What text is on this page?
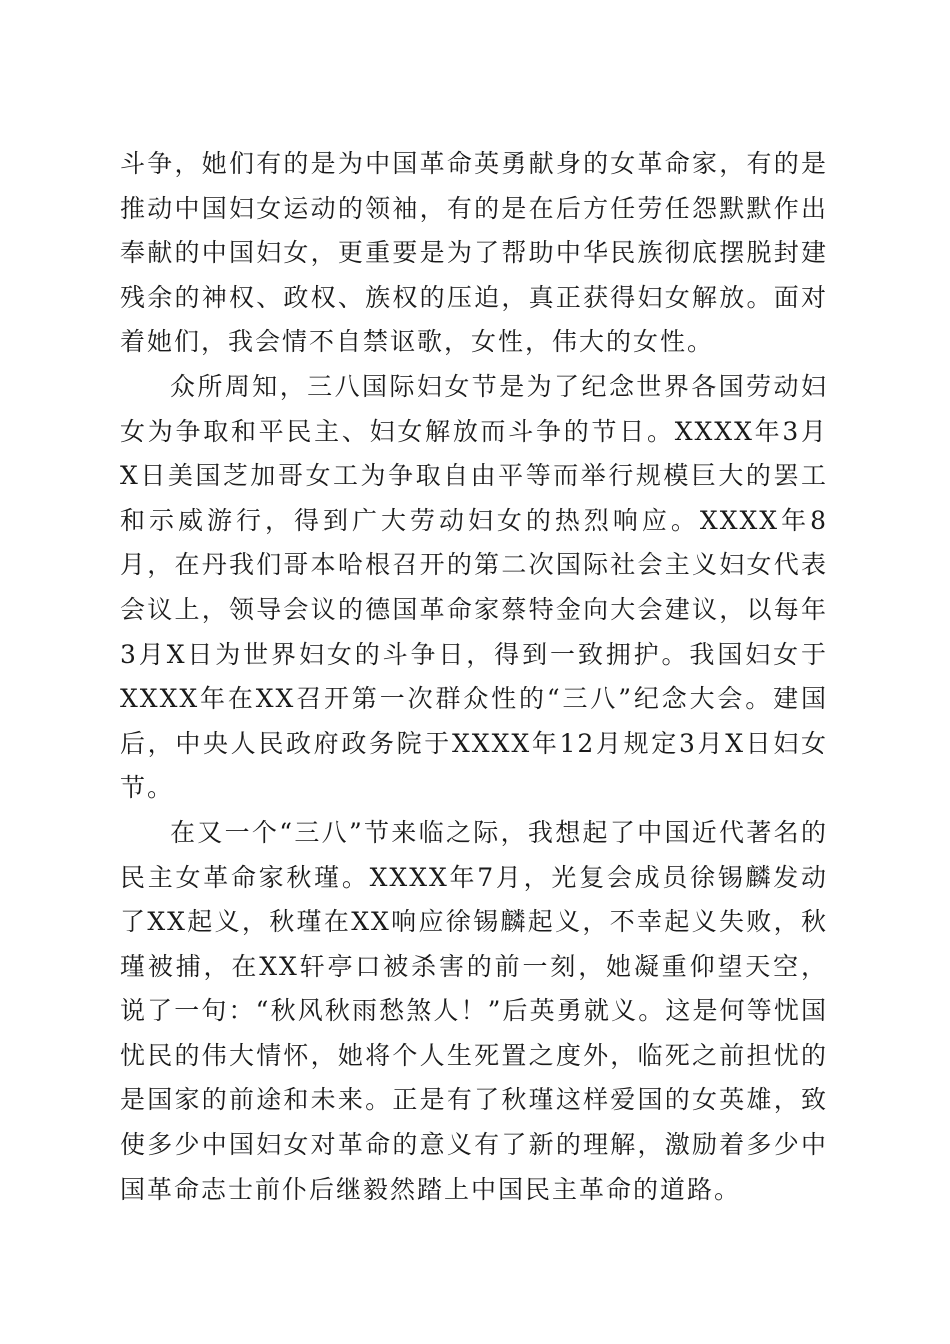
斗争，她们有的是为中国革命英勇献身的女革命家，有的是推动中国妇女运动的领袖，有的是在后方任劳任怨默默作出奉献的中国妇女，更重要是为了帮助中华民族彻底摆脱封建残余的神权、政权、族权的压迫，真正获得妇女解放。面对着她们，我会情不自禁讴歌，女性，伟大的女性。

众所周知，三八国际妇女节是为了纪念世界各国劳动妇女为争取和平民主、妇女解放而斗争的节日。XXXX年3月X日美国芝加哥女工为争取自由平等而举行规模巨大的罢工和示威游行，得到广大劳动妇女的热烈响应。XXXX年8月，在丹我们哥本哈根召开的第二次国际社会主义妇女代表会议上，领导会议的德国革命家蔡特金向大会建议，以每年3月X日为世界妇女的斗争日，得到一致拥护。我国妇女于XXXX年在XX召开第一次群众性的“三八”纪念大会。建国后，中央人民政府政务院于XXXX年12月规定3月X日妇女节。

在又一个“三八”节来临之际，我想起了中国近代著名的民主女革命家秋瑾。XXXX年7月，光复会成员徐锡麟发动了XX起义，秋瑾在XX响应徐锡麟起义，不幸起义失败，秋瑾被捕，在XX轩亭口被杀害的前一刻，她凝重仰望天空，说了一句：“秋风秋雨愁煞人！”后英勇就义。这是何等忧国忧民的伟大情怀，她将个人生死置之度外，临死之前担忧的是国家的前途和未来。正是有了秋瑾这样爱国的女英雄，致使多少中国妇女对革命的意义有了新的理解，激励着多少中国革命志士前仆后继毅然踏上中国民主革命的道路。
